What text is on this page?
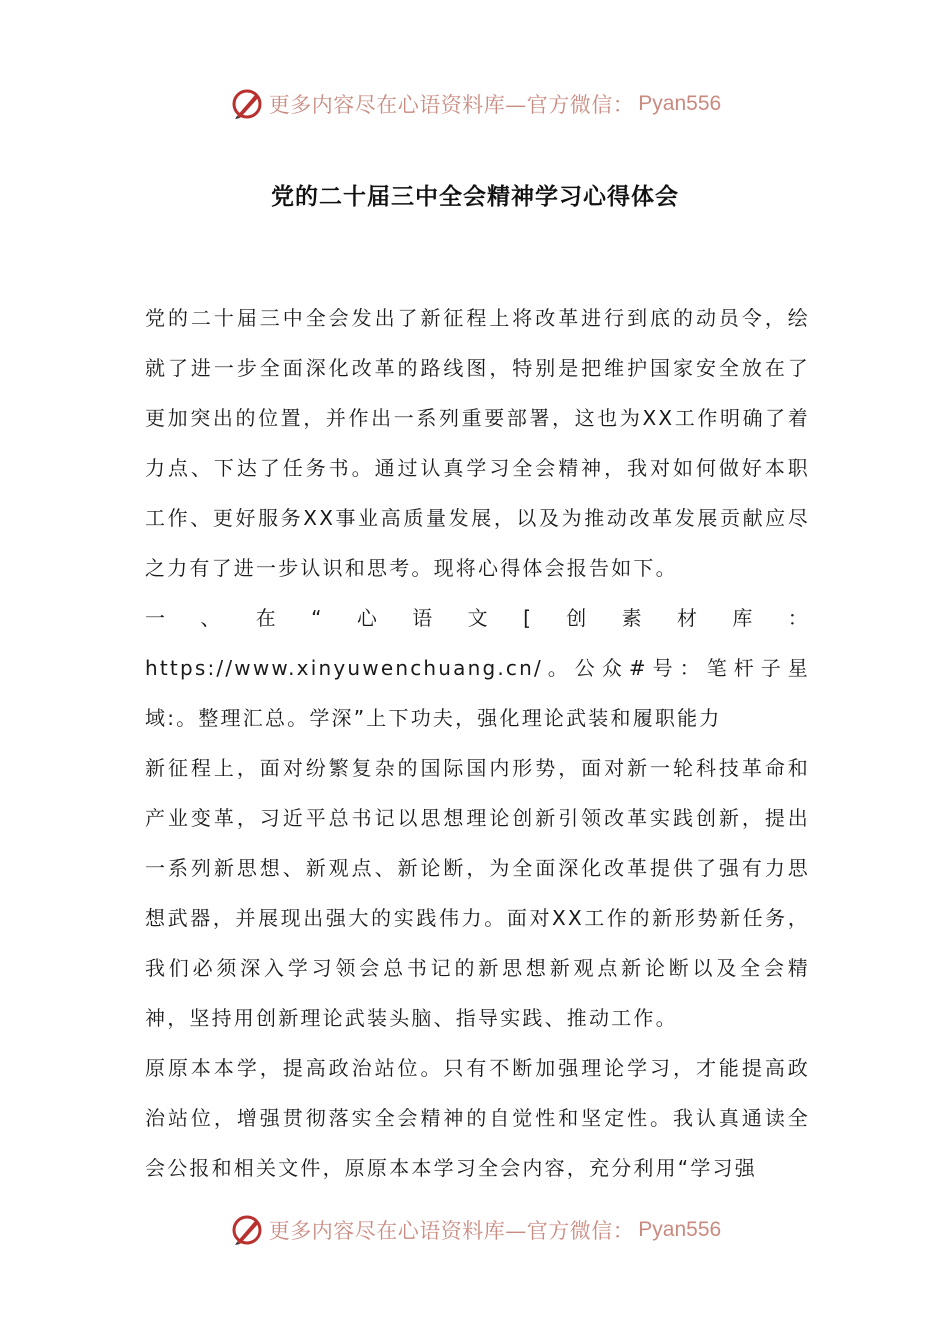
更多内容尽在心语资料库—官方微信： Pyan556
党的二十届三中全会精神学习心得体会

党的二十届三中全会发出了新征程上将改革进行到底的动员令，绘就了进一步全面深化改革的路线图，特别是把维护国家安全放在了更加突出的位置，并作出一系列重要部署，这也为XX工作明确了着力点、下达了任务书。通过认真学习全会精神，我对如何做好本职工作、更好服务XX事业高质量发展，以及为推动改革发展贡献应尽之力有了进一步认识和思考。现将心得体会报告如下。

一、在“心语文[创素材库：https://www.xinyuwenchuang.cn/。公众#号：笔杆子星域:。整理汇总。学深”上下功夫，强化理论武装和履职能力

新征程上，面对纷繁复杂的国际国内形势，面对新一轮科技革命和产业变革，习近平总书记以思想理论创新引领改革实践创新，提出一系列新思想、新观点、新论断，为全面深化改革提供了强有力思想武器，并展现出强大的实践伟力。面对XX工作的新形势新任务，我们必须深入学习领会总书记的新思想新观点新论断以及全会精神，坚持用创新理论武装头脑、指导实践、推动工作。

原原本本学，提高政治站位。只有不断加强理论学习，才能提高政治站位，增强贯彻落实全会精神的自觉性和坚定性。我认真通读全会公报和相关文件，原原本本学习全会内容，充分利用“学习强

更多内容尽在心语资料库—官方微信： Pyan556
